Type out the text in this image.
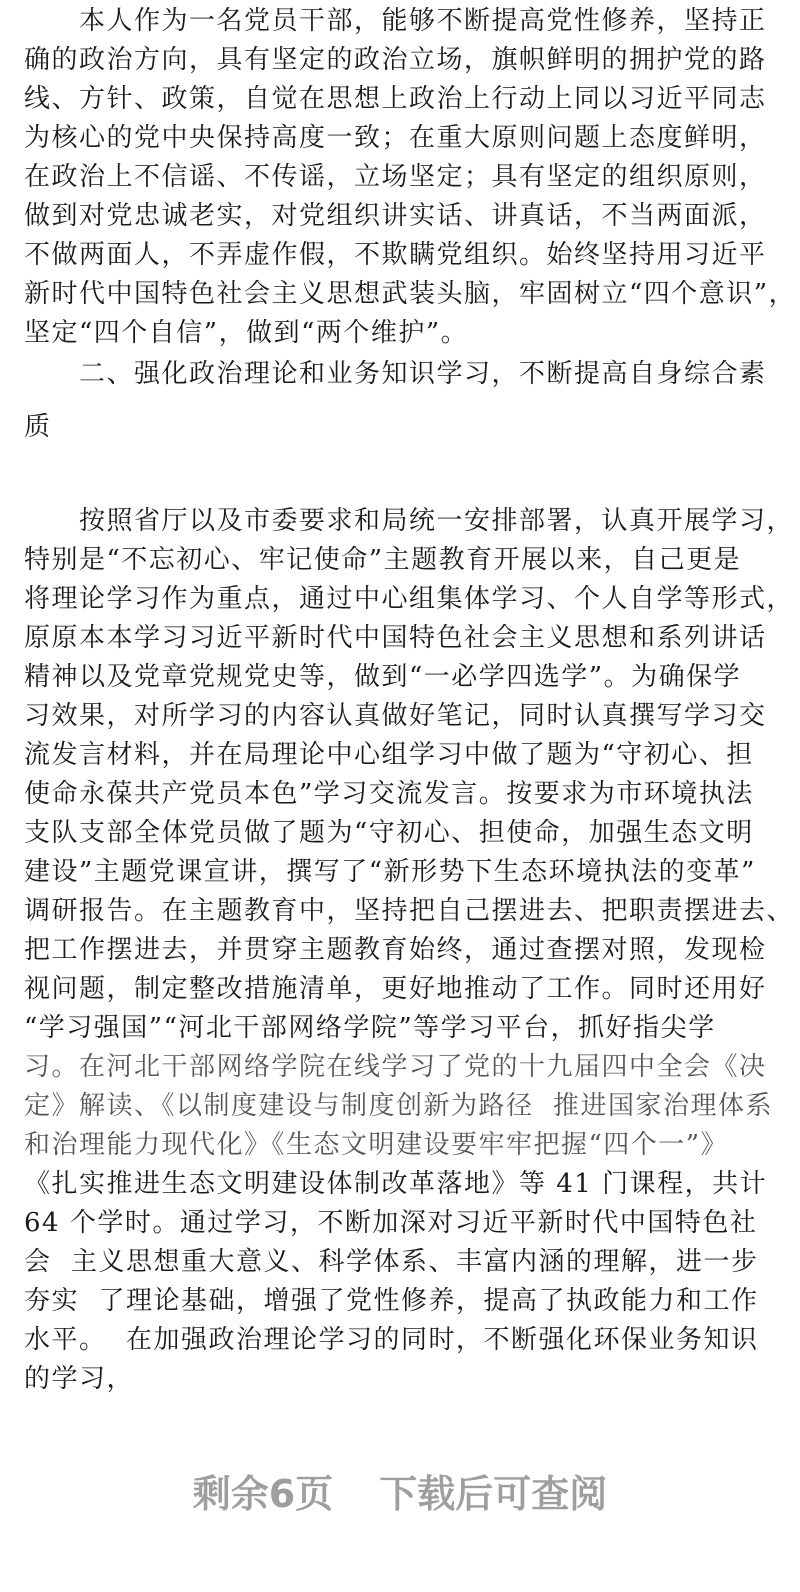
　　本人作为一名党员干部，能够不断提高党性修养，坚持正
确的政治方向，具有坚定的政治立场，旗帜鲜明的拥护党的路
线、方针、政策，自觉在思想上政治上行动上同以习近平同志
为核心的党中央保持高度一致；在重大原则问题上态度鲜明，
在政治上不信谣、不传谣，立场坚定；具有坚定的组织原则，
做到对党忠诚老实，对党组织讲实话、讲真话，不当两面派，
不做两面人，不弄虚作假，不欺瞒党组织。始终坚持用习近平
新时代中国特色社会主义思想武装头脑，牢固树立“四个意识”，
坚定“四个自信”，做到“两个维护”。
　　二、强化政治理论和业务知识学习，不断提高自身综合素
质
　　按照省厅以及市委要求和局统一安排部署，认真开展学习，
特别是“不忘初心、牢记使命”主题教育开展以来，自己更是
将理论学习作为重点，通过中心组集体学习、个人自学等形式，
原原本本学习习近平新时代中国特色社会主义思想和系列讲话
精神以及党章党规党史等，做到“一必学四选学”。为确保学
习效果，对所学习的内容认真做好笔记，同时认真撰写学习交
流发言材料，并在局理论中心组学习中做了题为“守初心、担
使命永葆共产党员本色”学习交流发言。按要求为市环境执法
支队支部全体党员做了题为“守初心、担使命，加强生态文明
建设”主题党课宣讲，撰写了“新形势下生态环境执法的变革”
调研报告。在主题教育中，坚持把自己摆进去、把职责摆进去、
把工作摆进去，并贯穿主题教育始终，通过查摆对照，发现检
视问题，制定整改措施清单，更好地推动了工作。同时还用好
“学习强国”“河北干部网络学院”等学习平台，抓好指尖学
习。在河北干部网络学院在线学习了党的十九届四中全会《决
定》解读、《以制度建设与制度创新为路径  推进国家治理体系
和治理能力现代化》《生态文明建设要牢牢把握“四个一”》
《扎实推进生态文明建设体制改革落地》等 41 门课程，共计
64 个学时。通过学习，不断加深对习近平新时代中国特色社
会  主义思想重大意义、科学体系、丰富内涵的理解，进一步
夯实  了理论基础，增强了党性修养，提高了执政能力和工作
水平。  在加强政治理论学习的同时，不断强化环保业务知识
的学习，
剩余6页 下载后可查阅
